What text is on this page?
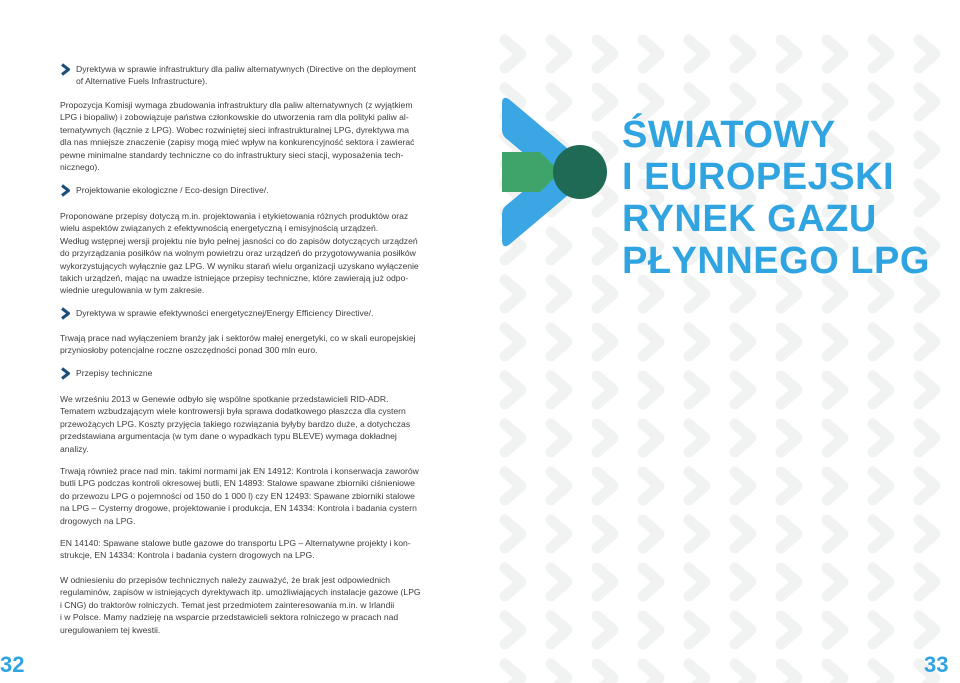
Dyrektywa w sprawie infrastruktury dla paliw alternatywnych (Directive on the deployment
of Alternative Fuels Infrastructure).

Propozycja Komisji wymaga zbudowania infrastruktury dla paliw alternatywnych (z wyjątkiem

LPG i biopaliw) i zobowiązuje państwa członkowskie do utworzenia ram dla polityki paliw al-

ternatywnych (łącznie z LPG). Wobec rozwiniętej sieci infrastrukturalnej LPG, dyrektywa ma

dla nas mniejsze znaczenie (zapisy mogą mieć wpływ na konkurencyjność sektora i zawierać

pewne minimalne standardy techniczne co do infrastruktury sieci stacji, wyposażenia tech-

nicznego).

Projektowanie ekologiczne / Eco-design Directive/.

Proponowane przepisy dotyczą m.in. projektowania i etykietowania różnych produktów oraz

wielu aspektów związanych z efektywnością energetyczną i emisyjnością urządzeń.

Według wstępnej wersji projektu nie było pełnej jasności co do zapisów dotyczących urządzeń

do przyrządzania posiłków na wolnym powietrzu oraz urządzeń do przygotowywania posiłków

wykorzystujących wyłącznie gaz LPG. W wyniku starań wielu organizacji uzyskano wyłączenie

takich urządzeń, mając na uwadze istniejące przepisy techniczne, które zawierają już odpo-

wiednie uregulowania w tym zakresie.

Dyrektywa w sprawie efektywności energetycznej/Energy Efficiency Directive/.

Trwają prace nad wyłączeniem branży jak i sektorów małej energetyki, co w skali europejskiej

przyniosłoby potencjalne roczne oszczędności ponad 300 mln euro.

Przepisy techniczne

We wrześniu 2013 w Genewie odbyło się wspólne spotkanie przedstawicieli RID-ADR.

Tematem wzbudzającym wiele kontrowersji była sprawa dodatkowego płaszcza dla cystern

przewożących LPG. Koszty przyjęcia takiego rozwiązania byłyby bardzo duże, a dotychczas

przedstawiana argumentacja (w tym dane o wypadkach typu BLEVE) wymaga dokładnej

analizy.

Trwają również prace nad min. takimi normami jak EN 14912: Kontrola i konserwacja zaworów

butli LPG podczas kontroli okresowej butli, EN 14893: Stalowe spawane zbiorniki ciśnieniowe

do przewozu LPG o pojemności od 150 do 1 000 l) czy EN 12493: Spawane zbiorniki stalowe

na LPG – Cysterny drogowe, projektowanie i produkcja, EN 14334: Kontrola i badania cystern

drogowych na LPG.

EN 14140: Spawane stalowe butle gazowe do transportu LPG – Alternatywne projekty i kon-

strukcje, EN 14334: Kontrola i badania cystern drogowych na LPG.

W odniesieniu do przepisów technicznych należy zauważyć, że brak jest odpowiednich

regulaminów, zapisów w istniejących dyrektywach itp. umożliwiających instalacje gazowe (LPG

i CNG) do traktorów rolniczych. Temat jest przedmiotem zainteresowania m.in. w Irlandii

i w Polsce. Mamy nadzieję na wsparcie przedstawicieli sektora rolniczego w pracach nad

uregulowaniem tej kwestii.

32
ŚWIATOWY
I EUROPEJSKI
RYNEK GAZU
PŁYNNEGO LPG
33
